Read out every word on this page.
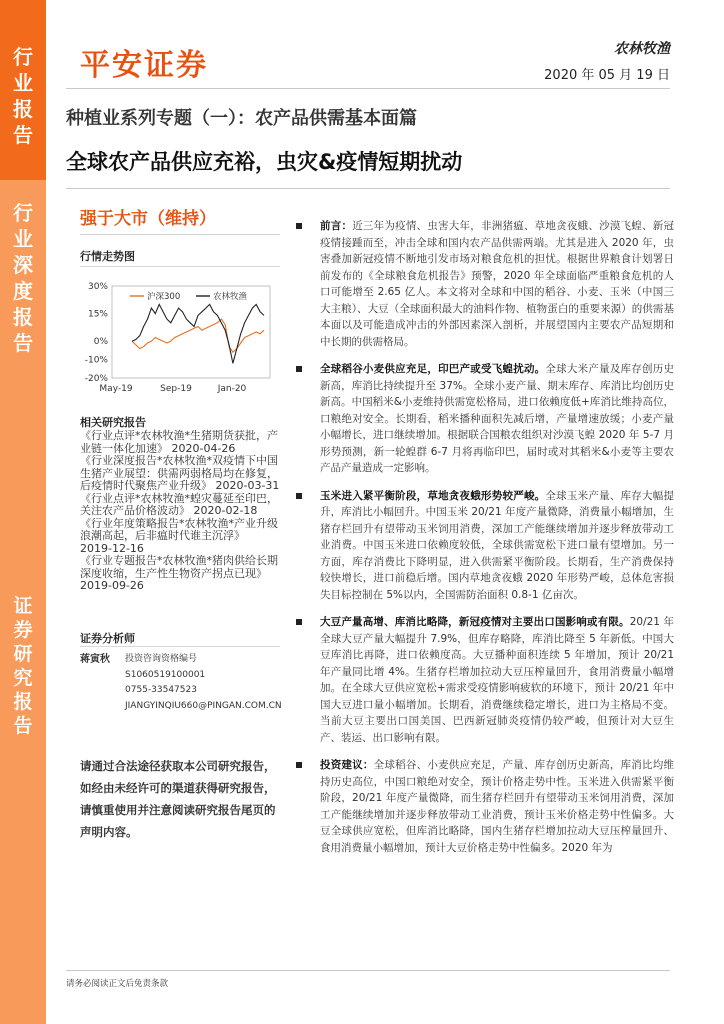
行
业
报
告
行
业
深
度
报
告
证
券
研
究
报
告
平安证券	农林牧渔
2020 年 05 月 19 日
种植业系列专题（一）：农产品供需基本面篇
全球农产品供应充裕，虫灾&疫情短期扰动
强于大市（维持）
行情走势图
30%
15%
0%
-10%
-20%
May-19	Sep-19	Jan-20
沪深300	农林牧渔
相关研究报告

《行业点评*农林牧渔*生猪期货获批，产业链一体化加速》 2020-04-26

《行业深度报告*农林牧渔*双疫情下中国生猪产业展望：供需两弱格局均在修复，后疫情时代聚焦产业升级》 2020-03-31

《行业点评*农林牧渔*蝗灾蔓延至印巴，关注农产品价格波动》 2020-02-18

《行业年度策略报告*农林牧渔*产业升级浪潮高起，后非瘟时代谁主沉浮》 2019-12-16

《行业专题报告*农林牧渔*猪肉供给长期深度收缩，生产性生物资产拐点已现》 2019-09-26

证券分析师
蒋寅秋 投资咨询资格编号
S1060519100001
0755-33547523
JIANGYINQIU660@PINGAN.COM.CN
请通过合法途径获取本公司研究报告，如经由未经许可的渠道获得研究报告，请慎重使用并注意阅读研究报告尾页的声明内容。
前言：近三年为疫情、虫害大年，非洲猪瘟、草地贪夜蛾、沙漠飞蝗、新冠疫情接踵而至，冲击全球和国内农产品供需两端。尤其是进入 2020 年，虫害叠加新冠疫情不断地引发市场对粮食危机的担忧。根据世界粮食计划署日前发布的《全球粮食危机报告》预警，2020 年全球面临严重粮食危机的人口可能增至 2.65 亿人。本文将对全球和中国的稻谷、小麦、玉米（中国三大主粮）、大豆（全球面积最大的油料作物、植物蛋白的重要来源）的供需基本面以及可能造成冲击的外部因素深入剖析，并展望国内主要农产品短期和中长期的供需格局。
全球稻谷小麦供应充足，印巴产或受飞蝗扰动。全球大米产量及库存创历史新高，库消比持续提升至 37%。全球小麦产量、期末库存、库消比均创历史新高。中国稻米&小麦维持供需宽松格局，进口依赖度低+库消比维持高位，口粮绝对安全。长期看，稻米播种面积先减后增，产量增速放缓；小麦产量小幅增长，进口继续增加。根据联合国粮农组织对沙漠飞蝗 2020 年 5-7 月形势预测，新一轮蝗群 6-7 月将再临印巴，届时或对其稻米&小麦等主要农产品产量造成一定影响。
玉米进入紧平衡阶段，草地贪夜蛾形势较严峻。全球玉米产量、库存大幅提升，库消比小幅回升。中国玉米 20/21 年度产量微降，消费量小幅增加，生猪存栏回升有望带动玉米饲用消费，深加工产能继续增加并逐步释放带动工业消费。中国玉米进口依赖度较低，全球供需宽松下进口量有望增加。另一方面，库存消费比下降明显，进入供需紧平衡阶段。长期看，生产消费保持较快增长，进口前稳后增。国内草地贪夜蛾 2020 年形势严峻，总体危害损失目标控制在 5%以内，全国需防治面积 0.8-1 亿亩次。
大豆产量高增、库消比略降，新冠疫情对主要出口国影响或有限。20/21 年全球大豆产量大幅提升 7.9%，但库存略降，库消比降至 5 年新低。中国大豆库消比再降，进口依赖度高。大豆播种面积连续 5 年增加，预计 20/21 年产量同比增 4%。生猪存栏增加拉动大豆压榨量回升，食用消费量小幅增加。在全球大豆供应宽松+需求受疫情影响疲软的环境下，预计 20/21 年中国大豆进口量小幅增加。长期看，消费继续稳定增长，进口为主格局不变。当前大豆主要出口国美国、巴西新冠肺炎疫情仍较严峻，但预计对大豆生产、装运、出口影响有限。
投资建议：全球稻谷、小麦供应充足，产量、库存创历史新高，库消比均维持历史高位，中国口粮绝对安全，预计价格走势中性。玉米进入供需紧平衡阶段，20/21 年度产量微降，而生猪存栏回升有望带动玉米饲用消费，深加工产能继续增加并逐步释放带动工业消费，预计玉米价格走势中性偏多。大豆全球供应宽松，但库消比略降，国内生猪存栏增加拉动大豆压榨量回升、食用消费量小幅增加，预计大豆价格走势中性偏多。2020 年为
请务必阅读正文后免责条款
